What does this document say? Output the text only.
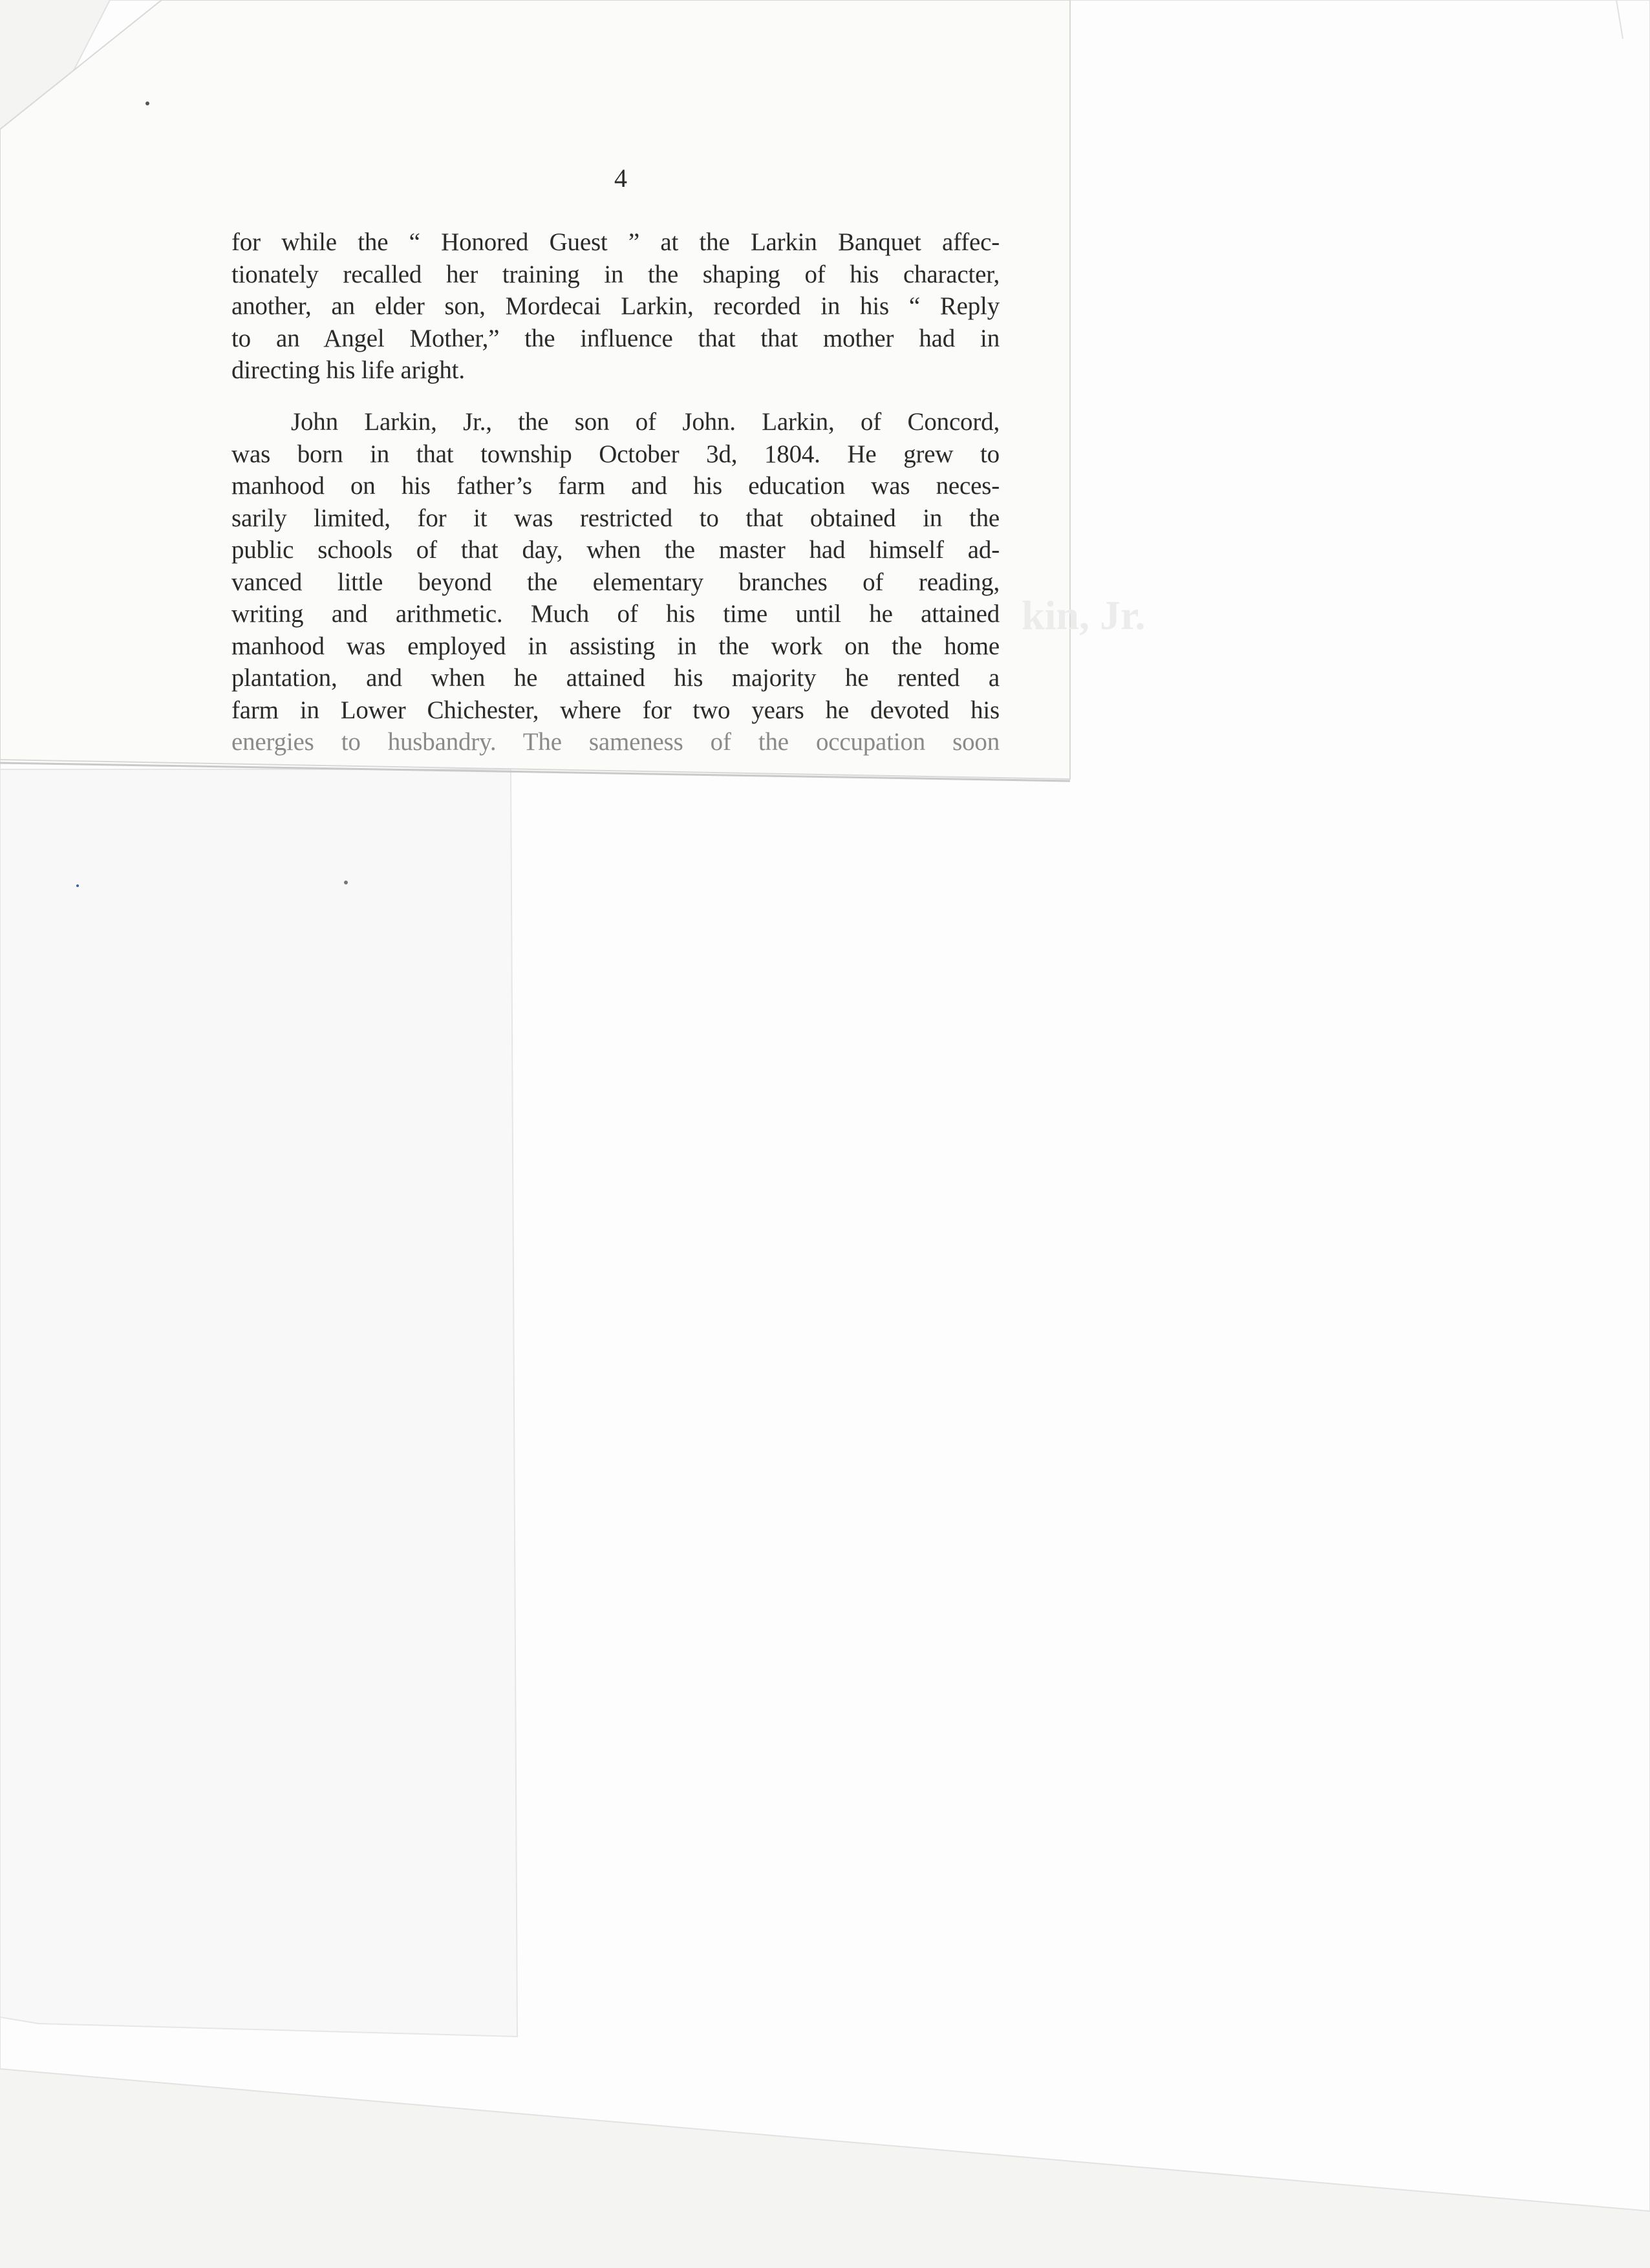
kin, Jr.
4
for while the “ Honored Guest ” at the Larkin Banquet affec-
tionately recalled her training in the shaping of his character,
another, an elder son, Mordecai Larkin, recorded in his “ Reply
to an Angel Mother,” the influence that that mother had in
directing his life aright.
John Larkin, Jr., the son of John. Larkin, of Concord,
was born in that township October 3d, 1804. He grew to
manhood on his father’s farm and his education was neces-
sarily limited, for it was restricted to that obtained in the
public schools of that day, when the master had himself ad-
vanced little beyond the elementary branches of reading,
writing and arithmetic. Much of his time until he attained
manhood was employed in assisting in the work on the home
plantation, and when he attained his majority he rented a
farm in Lower Chichester, where for two years he devoted his
energies to husbandry. The sameness of the occupation soon
